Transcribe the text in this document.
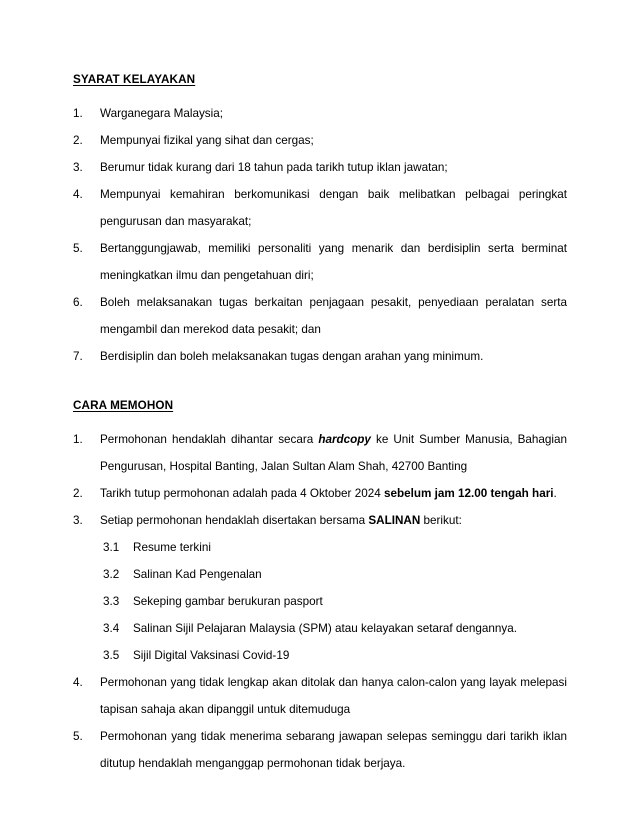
SYARAT KELAYAKAN
1.	Warganegara Malaysia;
2.	Mempunyai fizikal yang sihat dan cergas;
3.	Berumur tidak kurang dari 18 tahun pada tarikh tutup iklan jawatan;
4.	Mempunyai kemahiran berkomunikasi dengan baik melibatkan pelbagai peringkat pengurusan dan masyarakat;
5.	Bertanggungjawab, memiliki personaliti yang menarik dan berdisiplin serta berminat meningkatkan ilmu dan pengetahuan diri;
6.	Boleh melaksanakan tugas berkaitan penjagaan pesakit, penyediaan peralatan serta mengambil dan merekod data pesakit; dan
7.	Berdisiplin dan boleh melaksanakan tugas dengan arahan yang minimum.
CARA MEMOHON
1.	Permohonan hendaklah dihantar secara hardcopy ke Unit Sumber Manusia, Bahagian Pengurusan, Hospital Banting, Jalan Sultan Alam Shah, 42700 Banting
2.	Tarikh tutup permohonan adalah pada 4 Oktober 2024 sebelum jam 12.00 tengah hari.
3.	Setiap permohonan hendaklah disertakan bersama SALINAN berikut:
3.1	Resume terkini
3.2	Salinan Kad Pengenalan
3.3	Sekeping gambar berukuran pasport
3.4	Salinan Sijil Pelajaran Malaysia (SPM) atau kelayakan setaraf dengannya.
3.5	Sijil Digital Vaksinasi Covid-19
4.	Permohonan yang tidak lengkap akan ditolak dan hanya calon-calon yang layak melepasi tapisan sahaja akan dipanggil untuk ditemuduga
5.	Permohonan yang tidak menerima sebarang jawapan selepas seminggu dari tarikh iklan ditutup hendaklah menganggap permohonan tidak berjaya.
